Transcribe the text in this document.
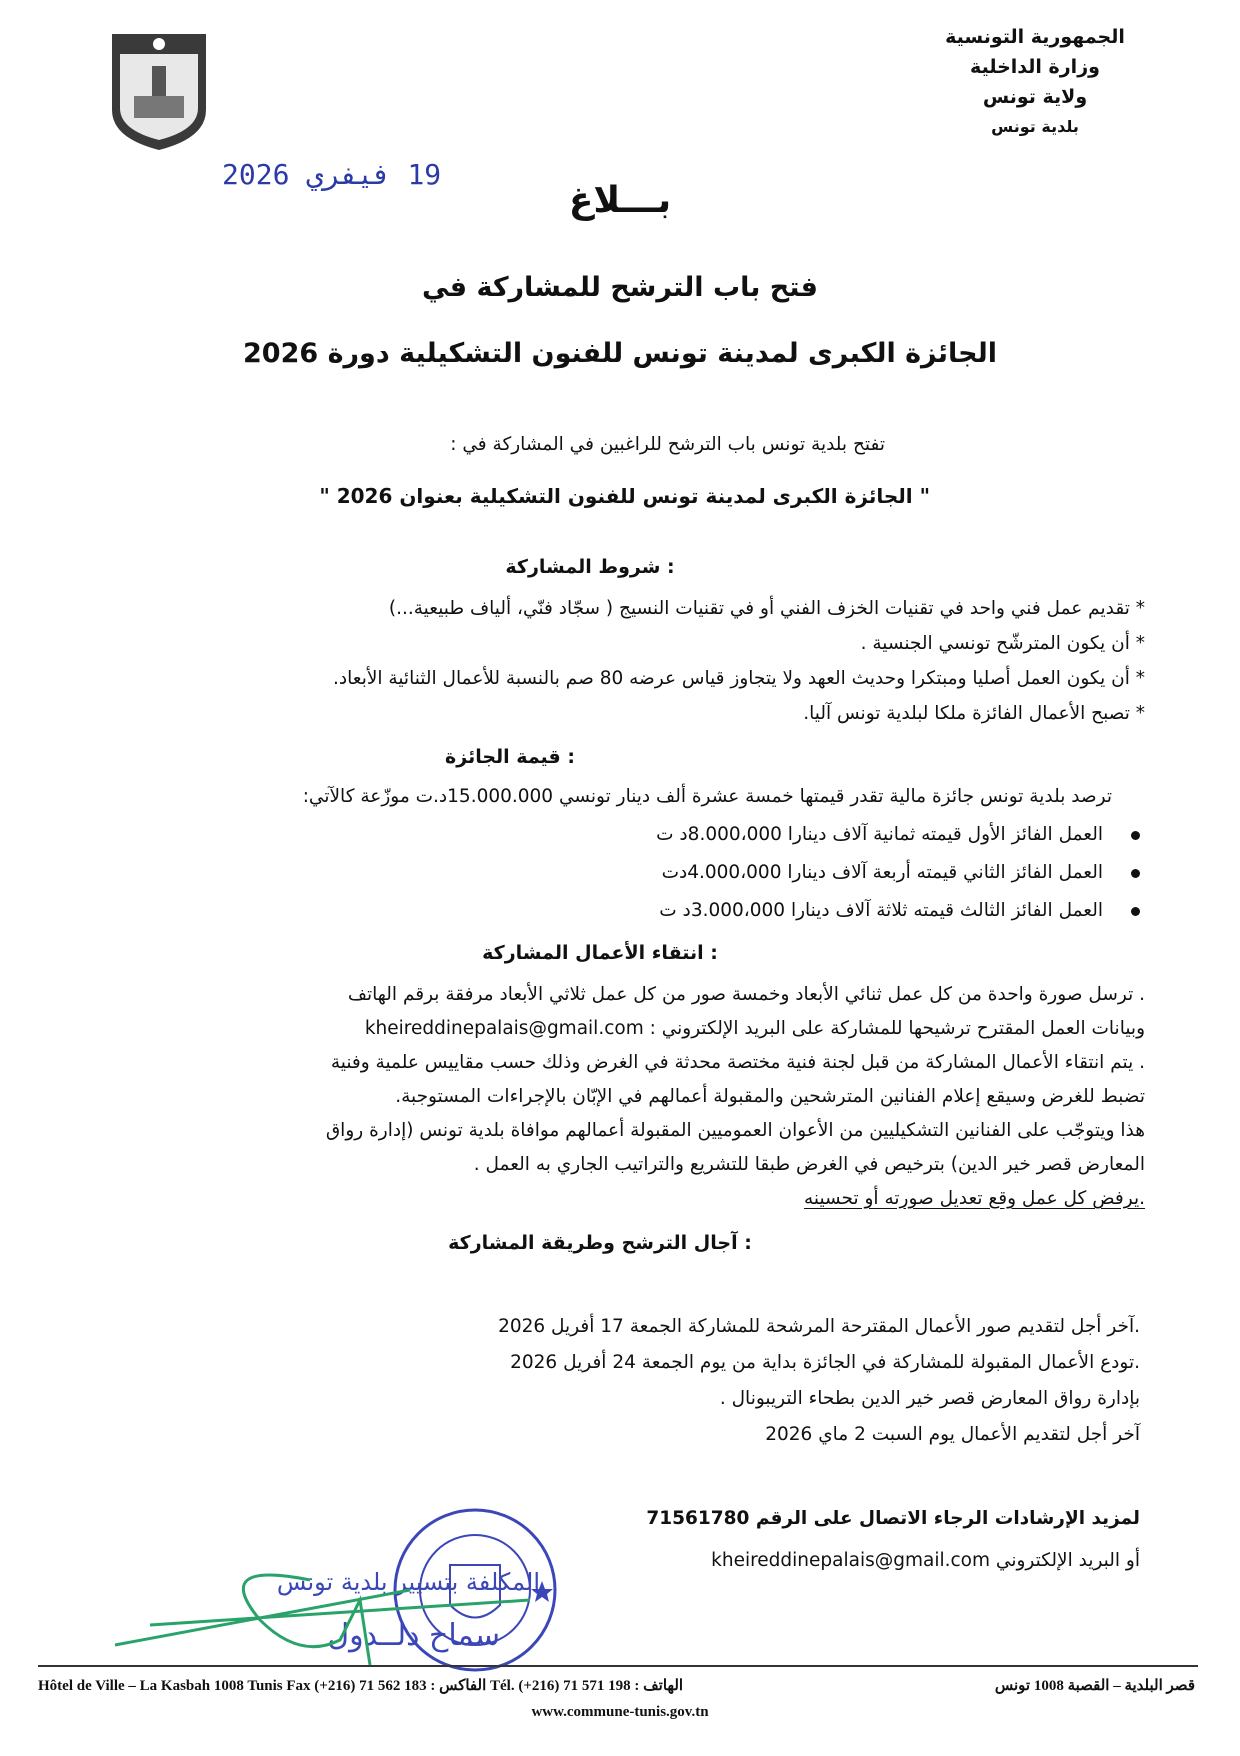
الجمهورية التونسية
وزارة الداخلية
ولاية تونس
بلدية تونس
19 فيفري 2026
بـــلاغ
فتح باب الترشح للمشاركة في
الجائزة الكبرى لمدينة تونس للفنون التشكيلية دورة 2026
تفتح بلدية تونس باب الترشح للراغبين في المشاركة في :
" الجائزة الكبرى لمدينة تونس للفنون التشكيلية بعنوان 2026 "
شروط المشاركة :
* تقديم عمل فني واحد في تقنيات الخزف الفني أو في تقنيات النسيج ( سجّاد فنّي، ألياف طبيعية...)
* أن يكون المترشّح تونسي الجنسية .
* أن يكون العمل أصليا ومبتكرا وحديث العهد ولا يتجاوز قياس عرضه 80 صم بالنسبة للأعمال الثنائية الأبعاد.
* تصبح الأعمال الفائزة ملكا لبلدية تونس آليا.
قيمة الجائزة :
ترصد بلدية تونس جائزة مالية تقدر قيمتها خمسة عشرة ألف دينار تونسي 15.000.000د.ت موزّعة كالآتي:
العمل الفائز الأول قيمته ثمانية آلاف دينارا 8.000،000د ت
العمل الفائز الثاني قيمته أربعة آلاف دينارا 4.000،000دت
العمل الفائز الثالث قيمته ثلاثة آلاف دينارا 3.000،000د ت
انتقاء الأعمال المشاركة :
. ترسل صورة واحدة من كل عمل ثنائي الأبعاد وخمسة صور من كل عمل ثلاثي الأبعاد مرفقة برقم الهاتف
وبيانات العمل المقترح ترشيحها للمشاركة على البريد الإلكتروني : kheireddinepalais@gmail.com
. يتم انتقاء الأعمال المشاركة من قبل لجنة فنية مختصة محدثة في الغرض وذلك حسب مقاييس علمية وفنية
تضبط للغرض وسيقع إعلام الفنانين المترشحين والمقبولة أعمالهم في الإبّان بالإجراءات المستوجبة.
هذا ويتوجّب على الفنانين التشكيليين من الأعوان العموميين المقبولة أعمالهم موافاة بلدية تونس (إدارة رواق
المعارض قصر خير الدين) بترخيص في الغرض طبقا للتشريع والتراتيب الجاري به العمل .
.يرفض كل عمل وقع تعديل صورته أو تحسينه
آجال الترشح وطريقة المشاركة :
.آخر أجل لتقديم صور الأعمال المقترحة المرشحة للمشاركة الجمعة 17 أفريل 2026
.تودع الأعمال المقبولة للمشاركة في الجائزة بداية من يوم الجمعة 24 أفريل 2026
بإدارة رواق المعارض قصر خير الدين بطحاء التريبونال .
آخر أجل لتقديم الأعمال يوم السبت 2 ماي 2026
لمزيد الإرشادات الرجاء الاتصال على الرقم 71561780
أو البريد الإلكتروني kheireddinepalais@gmail.com
المكلفة بتسيير بلدية تونس
سماح دلــدول
Hôtel de Ville – La Kasbah 1008 Tunis Fax (+216) 71 562 183 : الفاكس Tél. (+216) 71 571 198 : الهاتف	قصر البلدية – القصبة 1008 تونس
www.commune-tunis.gov.tn
